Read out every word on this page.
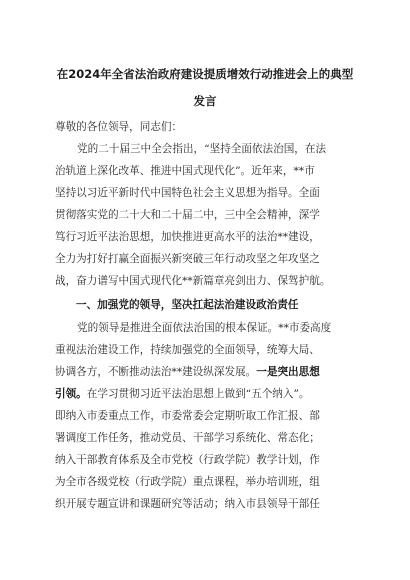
在2024年全省法治政府建设提质增效行动推进会上的典型
发言
尊敬的各位领导，同志们：
党的二十届三中全会指出，“坚持全面依法治国，在法
治轨道上深化改革、推进中国式现代化”。近年来，**市
坚持以习近平新时代中国特色社会主义思想为指导。全面
贯彻落实党的二十大和二十届二中，三中全会精神，深学
笃行习近平法治思想，加快推进更高水平的法治**建设，
全力为打好打赢全面振兴新突破三年行动攻坚之年攻坚之
战，奋力谱写中国式现代化**新篇章亮剑出力、保驾护航。
一、加强党的领导，坚决扛起法治建设政治责任
党的领导是推进全面依法治国的根本保证。**市委高度
重视法治建设工作，持续加强党的全面领导，统筹大局、
协调各方，不断推动法治**建设纵深发展。一是突出思想
引领。在学习贯彻习近平法治思想上做到“五个纳入”。
即纳入市委重点工作，市委常委会定期听取工作汇报、部
署调度工作任务，推动党员、干部学习系统化、常态化；
纳入干部教育体系及全市党校（行政学院）教学计划，作
为全市各级党校（行政学院）重点课程，举办培训班，组
织开展专题宣讲和课题研究等活动；纳入市县领导干部任
